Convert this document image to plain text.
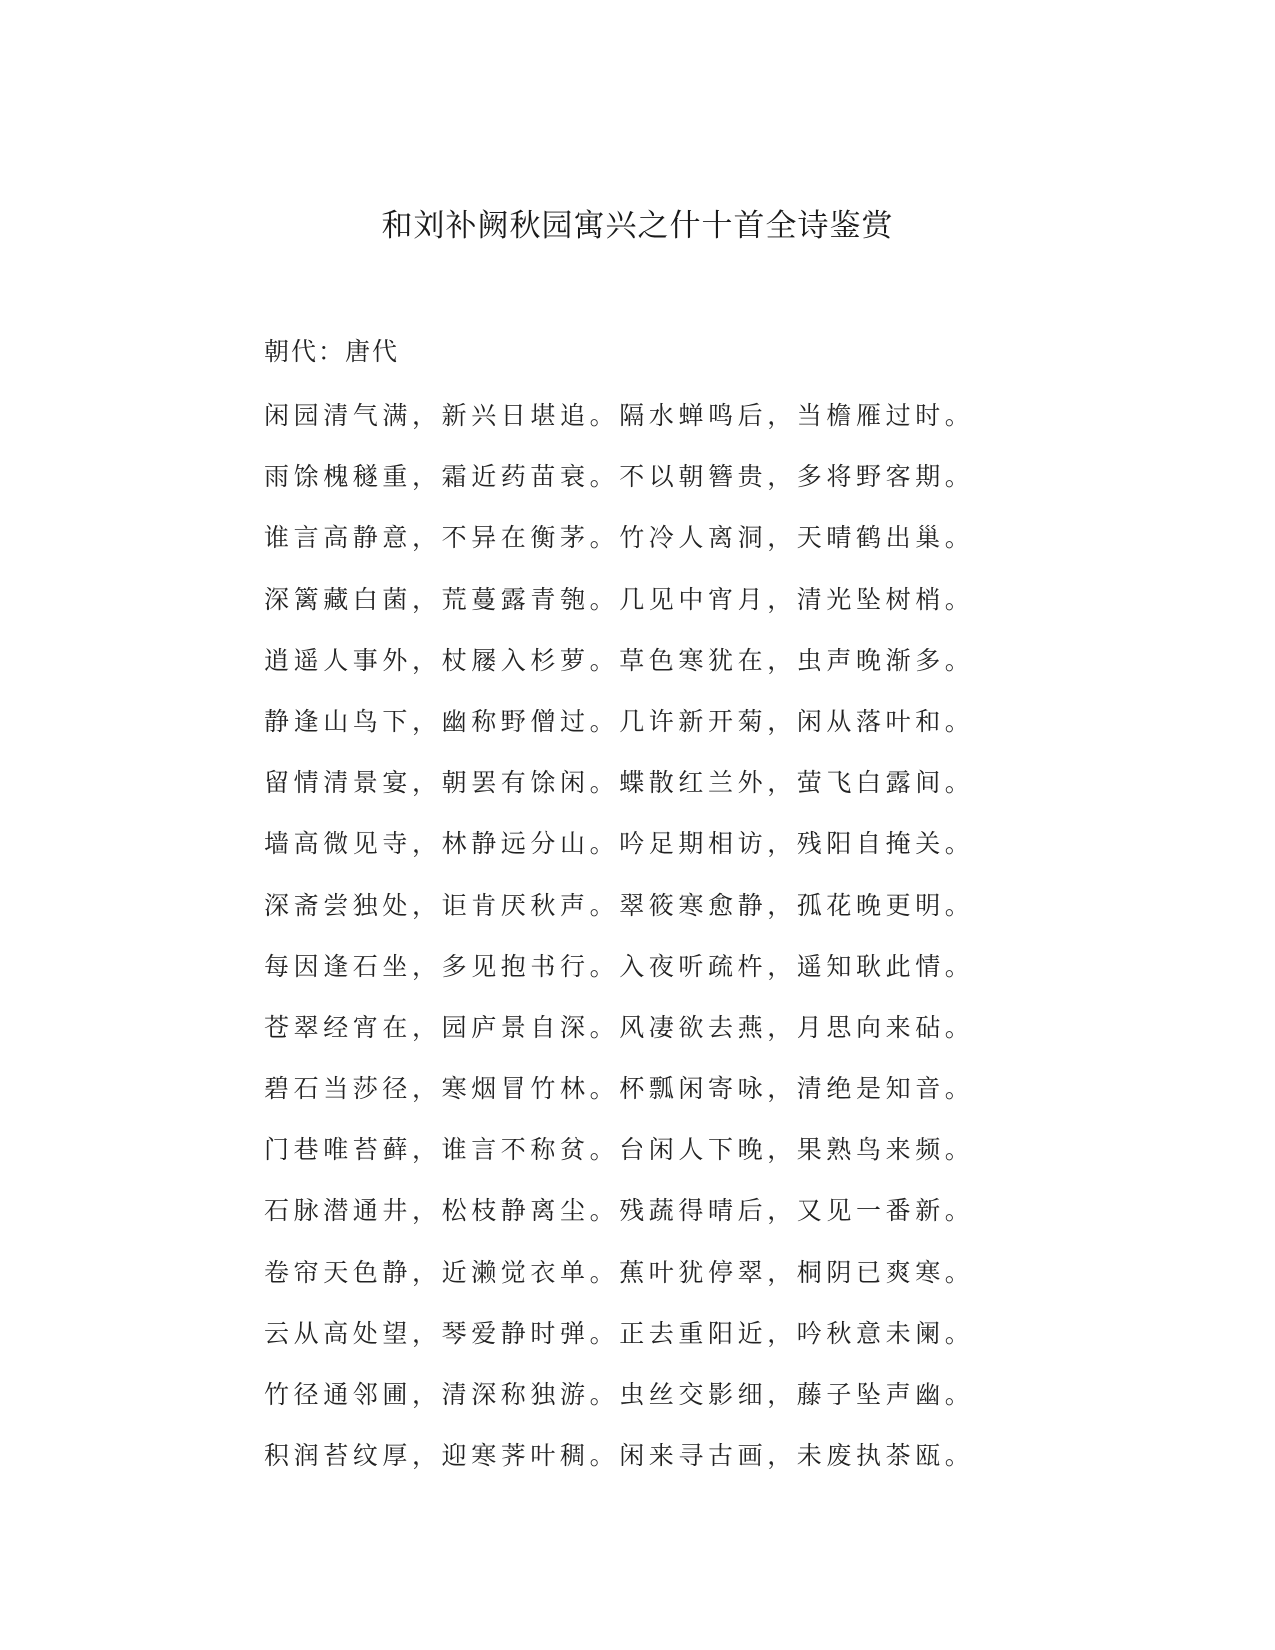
和刘补阙秋园寓兴之什十首全诗鉴赏
朝代：唐代
闲园清气满，新兴日堪追。隔水蝉鸣后，当檐雁过时。
雨馀槐穟重，霜近药苗衰。不以朝簪贵，多将野客期。
谁言高静意，不异在衡茅。竹冷人离洞，天晴鹤出巢。
深篱藏白菌，荒蔓露青匏。几见中宵月，清光坠树梢。
逍遥人事外，杖屦入杉萝。草色寒犹在，虫声晚渐多。
静逢山鸟下，幽称野僧过。几许新开菊，闲从落叶和。
留情清景宴，朝罢有馀闲。蝶散红兰外，萤飞白露间。
墙高微见寺，林静远分山。吟足期相访，残阳自掩关。
深斋尝独处，讵肯厌秋声。翠筱寒愈静，孤花晚更明。
每因逢石坐，多见抱书行。入夜听疏杵，遥知耿此情。
苍翠经宵在，园庐景自深。风凄欲去燕，月思向来砧。
碧石当莎径，寒烟冒竹林。杯瓢闲寄咏，清绝是知音。
门巷唯苔藓，谁言不称贫。台闲人下晚，果熟鸟来频。
石脉潜通井，松枝静离尘。残蔬得晴后，又见一番新。
卷帘天色静，近濑觉衣单。蕉叶犹停翠，桐阴已爽寒。
云从高处望，琴爱静时弹。正去重阳近，吟秋意未阑。
竹径通邻圃，清深称独游。虫丝交影细，藤子坠声幽。
积润苔纹厚，迎寒荠叶稠。闲来寻古画，未废执茶瓯。
